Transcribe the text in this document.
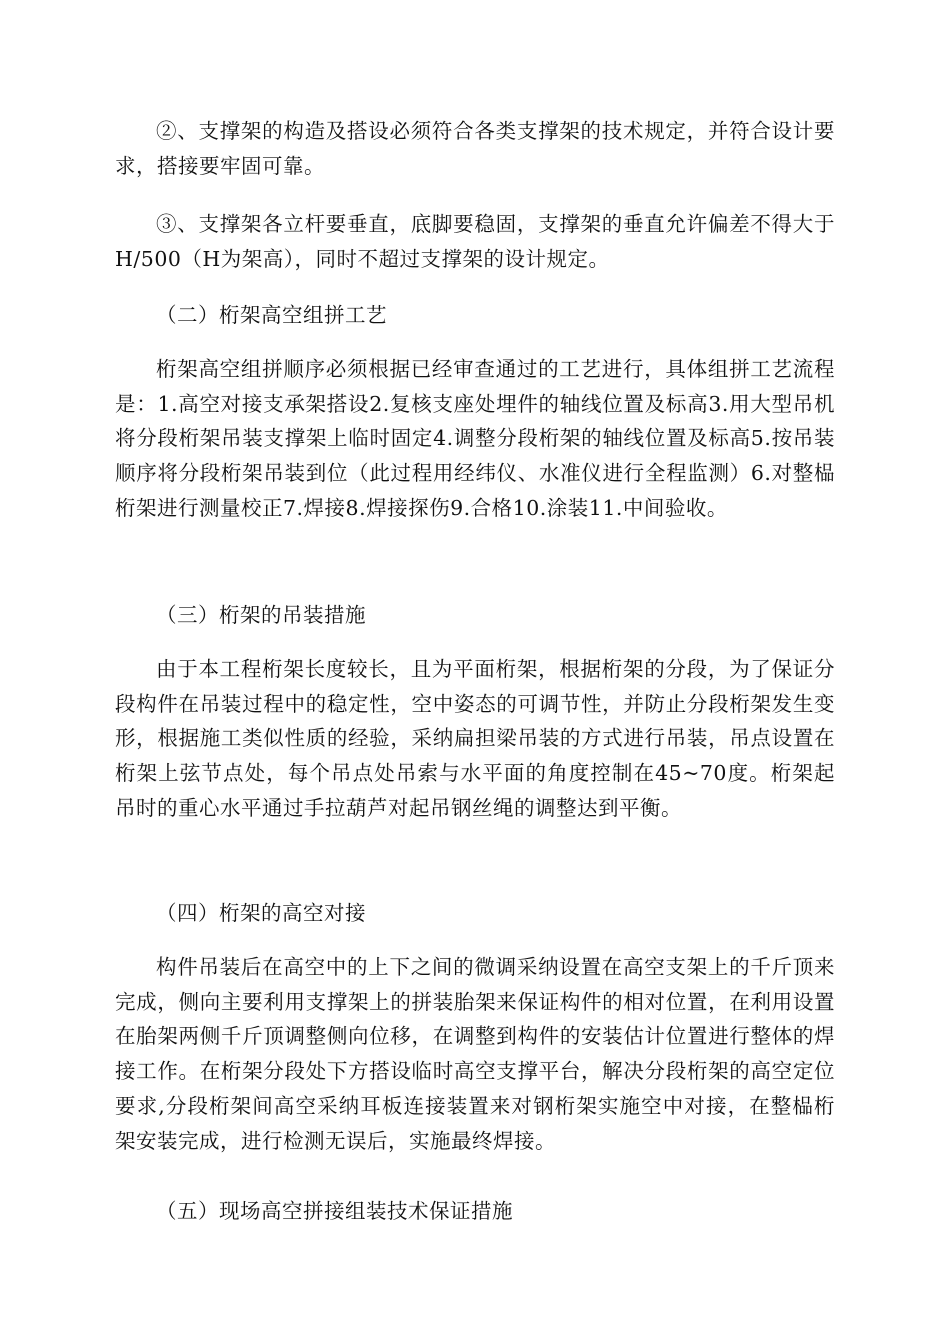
②、支撑架的构造及搭设必须符合各类支撑架的技术规定，并符合设计要求，搭接要牢固可靠。

③、支撑架各立杆要垂直，底脚要稳固，支撑架的垂直允许偏差不得大于H/500（H为架高），同时不超过支撑架的设计规定。

（二）桁架高空组拼工艺

桁架高空组拼顺序必须根据已经审查通过的工艺进行，具体组拼工艺流程是：1.高空对接支承架搭设2.复核支座处埋件的轴线位置及标高3.用大型吊机将分段桁架吊装支撑架上临时固定4.调整分段桁架的轴线位置及标高5.按吊装顺序将分段桁架吊装到位（此过程用经纬仪、水准仪进行全程监测）6.对整榀桁架进行测量校正7.焊接8.焊接探伤9.合格10.涂装11.中间验收。

（三）桁架的吊装措施

由于本工程桁架长度较长，且为平面桁架，根据桁架的分段，为了保证分段构件在吊装过程中的稳定性，空中姿态的可调节性，并防止分段桁架发生变形，根据施工类似性质的经验，采纳扁担梁吊装的方式进行吊装，吊点设置在桁架上弦节点处，每个吊点处吊索与水平面的角度控制在45~70度。桁架起吊时的重心水平通过手拉葫芦对起吊钢丝绳的调整达到平衡。

（四）桁架的高空对接

构件吊装后在高空中的上下之间的微调采纳设置在高空支架上的千斤顶来完成，侧向主要利用支撑架上的拼装胎架来保证构件的相对位置，在利用设置在胎架两侧千斤顶调整侧向位移，在调整到构件的安装估计位置进行整体的焊接工作。在桁架分段处下方搭设临时高空支撑平台，解决分段桁架的高空定位要求,分段桁架间高空采纳耳板连接装置来对钢桁架实施空中对接，在整榀桁架安装完成，进行检测无误后，实施最终焊接。

（五）现场高空拼接组装技术保证措施
